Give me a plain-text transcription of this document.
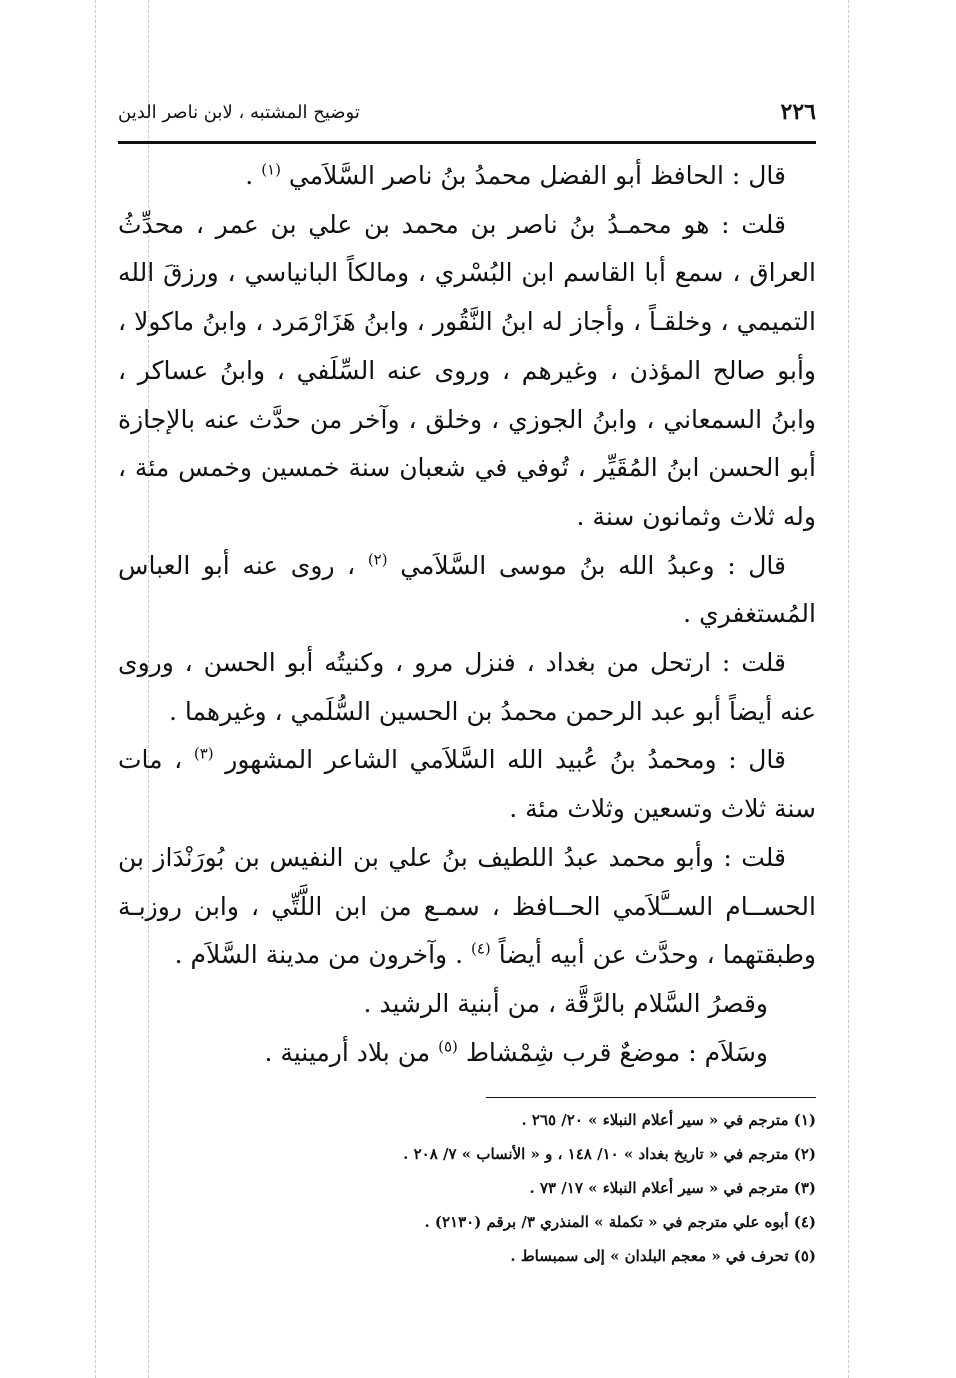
٢٢٦
توضيح المشتبه ، لابن ناصر الدين

قال : الحافظ أبو الفضل محمدُ بنُ ناصر السَّلاَمي $^{(١)}$ .

قلت : هو محمـدُ بنُ ناصر بن محمد بن علي بن عمر ، محدِّثُ العراق ، سمع أبا القاسم ابن البُسْري ، ومالكاً البانياسي ، ورزقَ الله التميمي ، وخلقـاً ، وأجاز له ابنُ النَّقُور ، وابنُ هَزَارْمَرد ، وابنُ ماكولا ، وأبو صالح المؤذن ، وغيرهم ، وروى عنه السِّلَفي ، وابنُ عساكر ، وابنُ السمعاني ، وابنُ الجوزي ، وخلق ، وآخر من حدَّث عنه بالإجازة أبو الحسن ابنُ المُقَيِّر ، تُوفي في شعبان سنة خمسين وخمس مئة ، وله ثلاث وثمانون سنة .

قال : وعبدُ الله بنُ موسى السَّلاَمي $^{(٢)}$ ، روى عنه أبو العباس المُستغفري .

قلت : ارتحل من بغداد ، فنزل مرو ، وكنيتُه أبو الحسن ، وروى عنه أيضاً أبو عبد الرحمن محمدُ بن الحسين السُّلَمي ، وغيرهما .

قال : ومحمدُ بنُ عُبيد الله السَّلاَمي الشاعر المشهور $^{(٣)}$ ، مات سنة ثلاث وتسعين وثلاث مئة .

قلت : وأبو محمد عبدُ اللطيف بنُ علي بن النفيس بن بُورَنْدَاز بن الحســام الســَّلاَمي الحــافظ ، سمـع من ابن اللَّتِّي ، وابن روزبـة وطبقتهما ، وحدَّث عن أبيه أيضاً $^{(٤)}$ . وآخرون من مدينة السَّلاَم .

وقصرُ السَّلام بالرَّقَّة ، من أبنية الرشيد .

وسَلاَم : موضعٌ قرب شِمْشاط $^{(٥)}$ من بلاد أرمينية .

(١) مترجم في « سير أعلام النبلاء » ٢٠/ ٢٦٥ .
(٢) مترجم في « تاريخ بغداد » ١٠/ ١٤٨ ، و « الأنساب » ٧/ ٢٠٨ .
(٣) مترجم في « سير أعلام النبلاء » ١٧/ ٧٣ .
(٤) أبوه علي مترجم في « تكملة » المنذري ٣/ برقم (٢١٣٠) .
(٥) تحرف في « معجم البلدان » إلى سمبساط .
